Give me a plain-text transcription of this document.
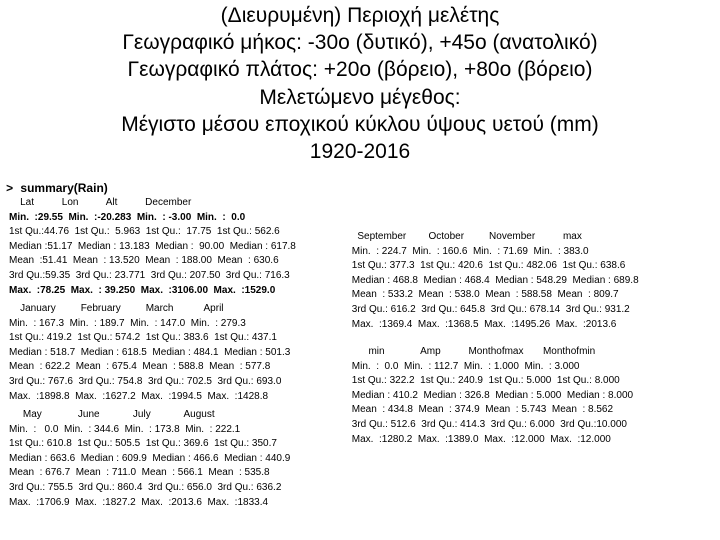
(Διευρυμένη) Περιοχή μελέτης
Γεωγραφικό μήκος: -30ο (δυτικό), +45ο (ανατολικό)
Γεωγραφικό πλάτος: +20ο (βόρειο), +80ο (βόρειο)
Μελετώμενο μέγεθος:
Μέγιστο μέσου εποχικού κύκλου ύψους υετού (mm)
1920-2016
> summary(Rain)
Lat          Lon          Alt          December
Min.  :29.55  Min.  :-20.283  Min.  : -3.00  Min.  :  0.0
1st Qu.:44.76  1st Qu.:  5.963  1st Qu.:  17.75  1st Qu.: 562.6
Median :51.17  Median : 13.183  Median :  90.00  Median : 617.8
Mean  :51.41  Mean  : 13.520  Mean  : 188.00  Mean  : 630.6
3rd Qu.:59.35  3rd Qu.: 23.771  3rd Qu.: 207.50  3rd Qu.: 716.3
Max.  :78.25  Max.  : 39.250  Max.  :3106.00  Max.  :1529.0
January         February         March           April
Min.  : 167.3  Min.  : 189.7  Min.  : 147.0  Min.  : 279.3
1st Qu.: 419.2  1st Qu.: 574.2  1st Qu.: 383.6  1st Qu.: 437.1
Median : 518.7  Median : 618.5  Median : 484.1  Median : 501.3
Mean  : 622.2  Mean  : 675.4  Mean  : 588.8  Mean  : 577.8
3rd Qu.: 767.6  3rd Qu.: 754.8  3rd Qu.: 702.5  3rd Qu.: 693.0
Max.  :1898.8  Max.  :1627.2  Max.  :1994.5  Max.  :1428.8
May             June            July            August
Min.  :   0.0  Min.  : 344.6  Min.  : 173.8  Min.  : 222.1
1st Qu.: 610.8  1st Qu.: 505.5  1st Qu.: 369.6  1st Qu.: 350.7
Median : 663.6  Median : 609.9  Median : 466.6  Median : 440.9
Mean  : 676.7  Mean  : 711.0  Mean  : 566.1  Mean  : 535.8
3rd Qu.: 755.5  3rd Qu.: 860.4  3rd Qu.: 656.0  3rd Qu.: 636.2
Max.  :1706.9  Max.  :1827.2  Max.  :2013.6  Max.  :1833.4
September        October         November          max
Min.  : 224.7  Min.  : 160.6  Min.  : 71.69  Min.  : 383.0
1st Qu.: 377.3  1st Qu.: 420.6  1st Qu.: 482.06  1st Qu.: 638.6
Median : 468.8  Median : 468.4  Median : 548.29  Median : 689.8
Mean  : 533.2  Mean  : 538.0  Mean  : 588.58  Mean  : 809.7
3rd Qu.: 616.2  3rd Qu.: 645.8  3rd Qu.: 678.14  3rd Qu.: 931.2
Max.  :1369.4  Max.  :1368.5  Max.  :1495.26  Max.  :2013.6
min             Amp          Monthofmax       Monthofmin
Min.  :  0.0  Min.  : 112.7  Min.  : 1.000  Min.  : 3.000
1st Qu.: 322.2  1st Qu.: 240.9  1st Qu.: 5.000  1st Qu.: 8.000
Median : 410.2  Median : 326.8  Median : 5.000  Median : 8.000
Mean  : 434.8  Mean  : 374.9  Mean  : 5.743  Mean  : 8.562
3rd Qu.: 512.6  3rd Qu.: 414.3  3rd Qu.: 6.000  3rd Qu.:10.000
Max.  :1280.2  Max.  :1389.0  Max.  :12.000  Max.  :12.000
